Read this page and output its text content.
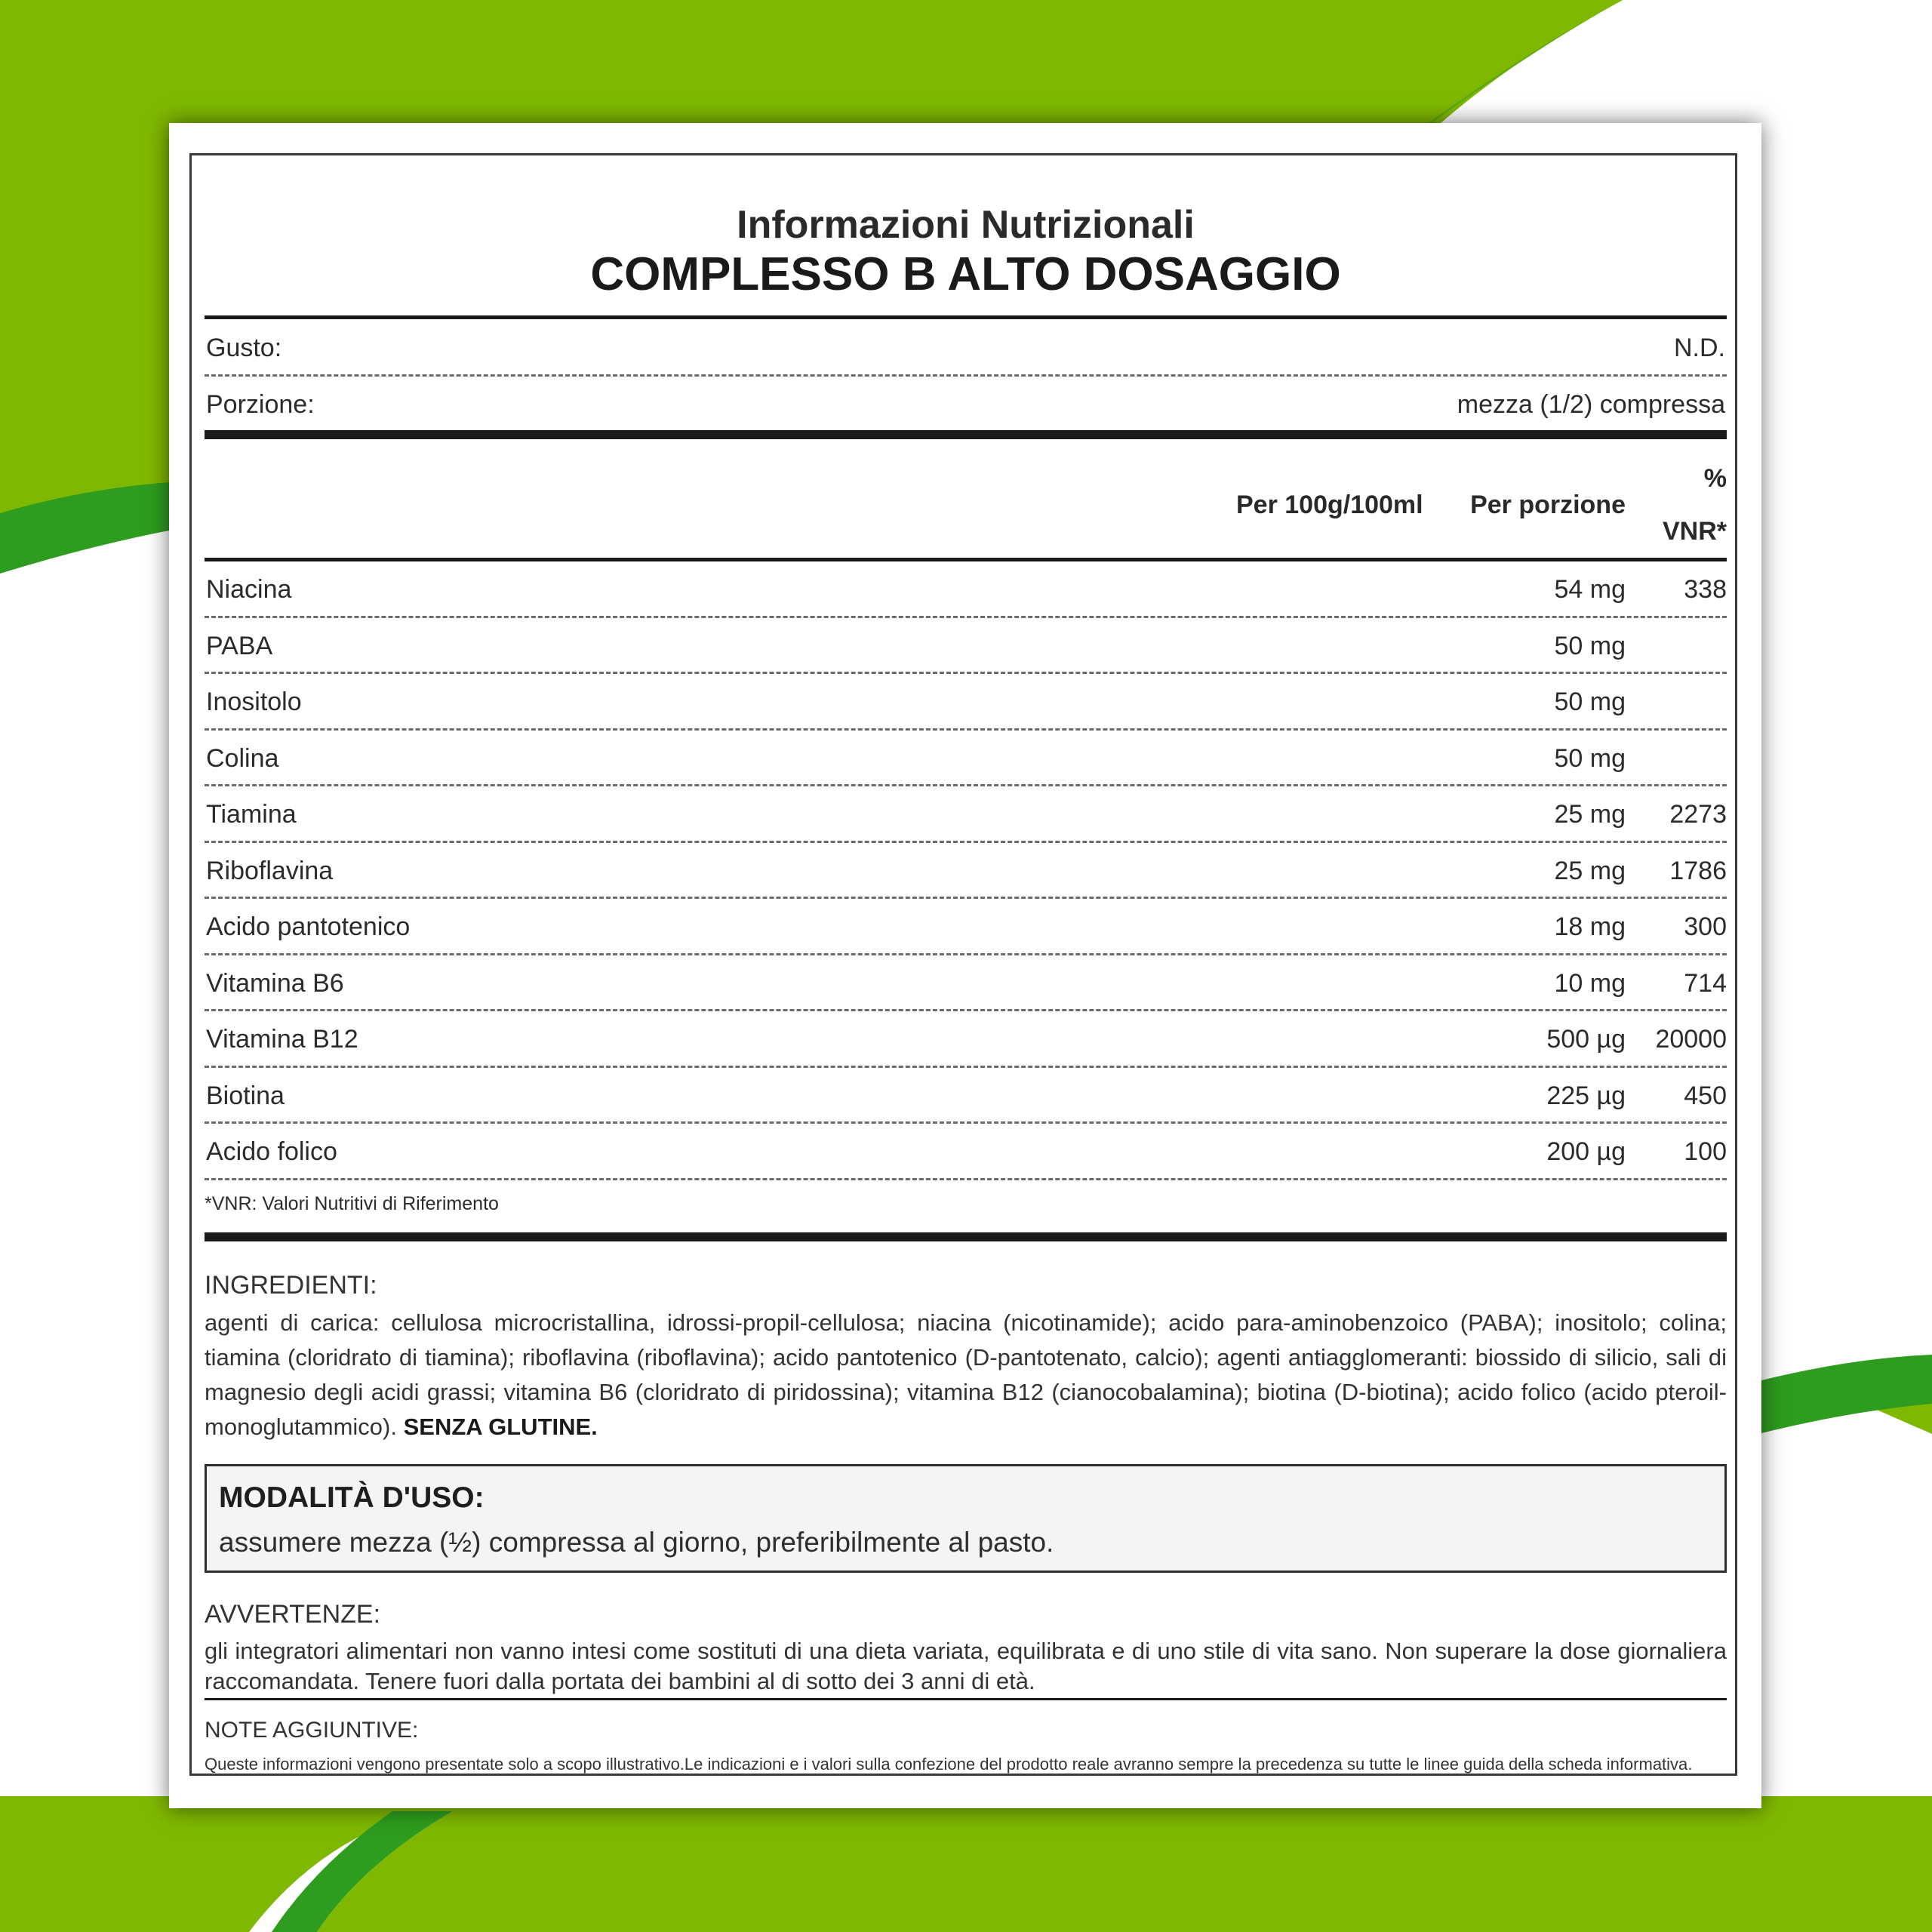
Informazioni Nutrizionali
COMPLESSO B ALTO DOSAGGIO
Gusto:	N.D.
Porzione:	mezza (1/2) compressa
Per 100g/100ml Per porzione
%
VNR*
Niacina	54 mg	338
PABA	50 mg
Inositolo	50 mg
Colina	50 mg
Tiamina	25 mg	2273
Riboflavina	25 mg	1786
Acido pantotenico	18 mg	300
Vitamina B6	10 mg	714
Vitamina B12	500 µg	20000
Biotina	225 µg	450
Acido folico	200 µg	100
*VNR: Valori Nutritivi di Riferimento
INGREDIENTI:
agenti di carica: cellulosa microcristallina, idrossi-propil-cellulosa; niacina (nicotinamide); acido para-aminobenzoico (PABA); inositolo; colina; tiamina (cloridrato di tiamina); riboflavina (riboflavina); acido pantotenico (D-pantotenato, calcio); agenti antiagglomeranti: biossido di silicio, sali di magnesio degli acidi grassi; vitamina B6 (cloridrato di piridossina); vitamina B12 (cianocobalamina); biotina (D-biotina); acido folico (acido pteroil-monoglutammico). SENZA GLUTINE.
MODALITÀ D'USO:
assumere mezza (½) compressa al giorno, preferibilmente al pasto.
AVVERTENZE:
gli integratori alimentari non vanno intesi come sostituti di una dieta variata, equilibrata e di uno stile di vita sano. Non superare la dose giornaliera raccomandata. Tenere fuori dalla portata dei bambini al di sotto dei 3 anni di età.
NOTE AGGIUNTIVE:
Queste informazioni vengono presentate solo a scopo illustrativo.Le indicazioni e i valori sulla confezione del prodotto reale avranno sempre la precedenza su tutte le linee guida della scheda informativa.
